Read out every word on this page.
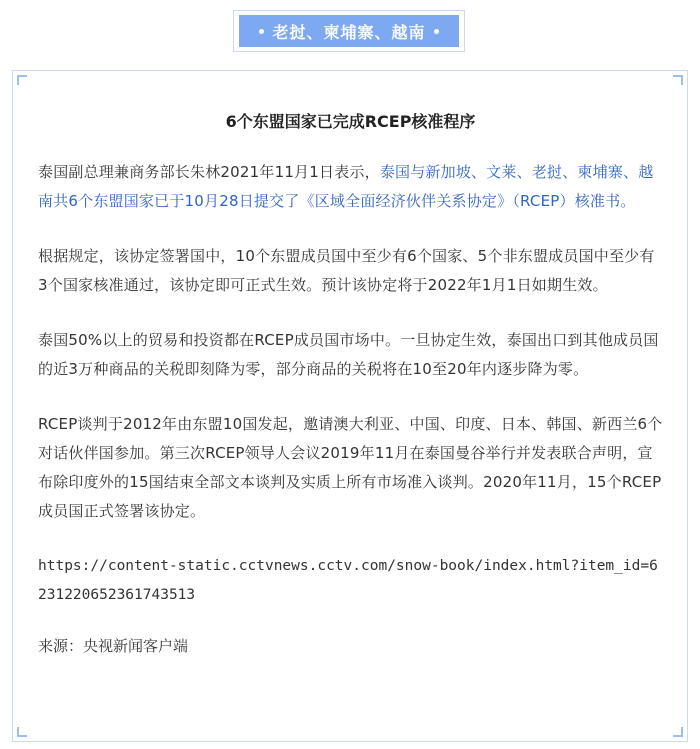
老挝、柬埔寨、越南
6个东盟国家已完成RCEP核准程序

泰国副总理兼商务部长朱林2021年11月1日表示，泰国与新加坡、文莱、老挝、柬埔寨、越南共6个东盟国家已于10月28日提交了《区域全面经济伙伴关系协定》（RCEP）核准书。

根据规定，该协定签署国中，10个东盟成员国中至少有6个国家、5个非东盟成员国中至少有3个国家核准通过，该协定即可正式生效。预计该协定将于2022年1月1日如期生效。

泰国50%以上的贸易和投资都在RCEP成员国市场中。一旦协定生效，泰国出口到其他成员国的近3万种商品的关税即刻降为零，部分商品的关税将在10至20年内逐步降为零。

RCEP谈判于2012年由东盟10国发起，邀请澳大利亚、中国、印度、日本、韩国、新西兰6个对话伙伴国参加。第三次RCEP领导人会议2019年11月在泰国曼谷举行并发表联合声明，宣布除印度外的15国结束全部文本谈判及实质上所有市场准入谈判。2020年11月，15个RCEP成员国正式签署该协定。

https://content-static.cctvnews.cctv.com/snow-book/index.html?item_id=6231220652361743513

来源：央视新闻客户端
